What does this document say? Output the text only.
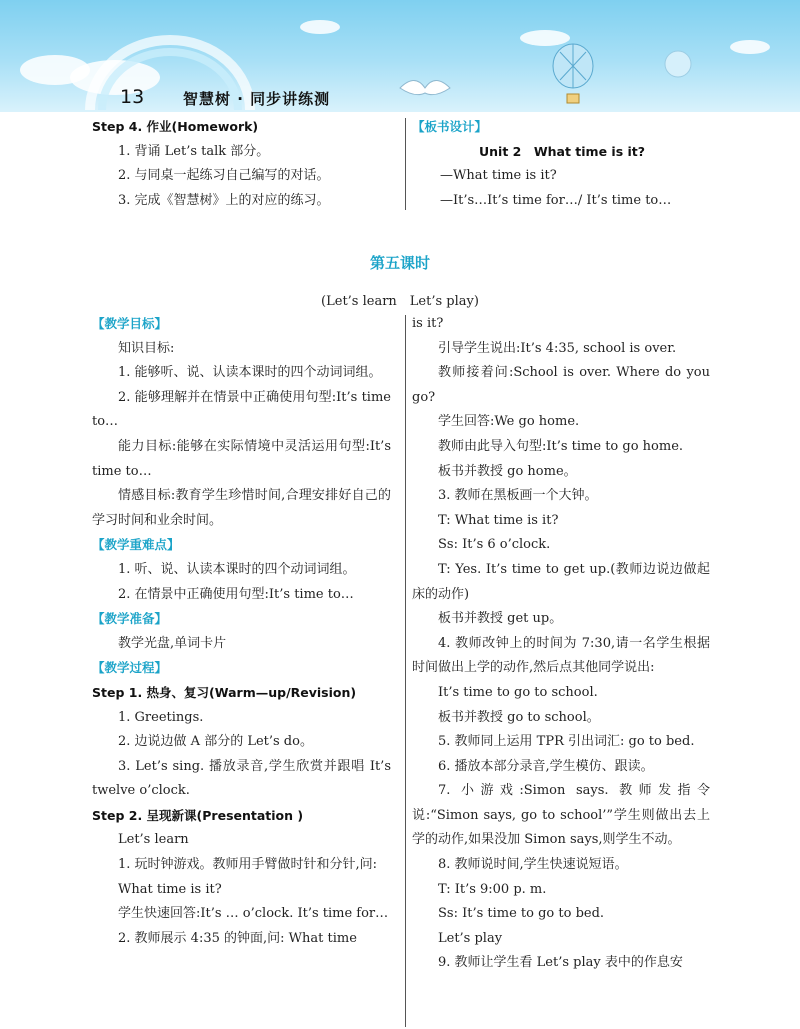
13	智慧树 · 同步讲练测

Step 4. 作业(Homework)

1. 背诵 Let’s talk 部分。

2. 与同桌一起练习自己编写的对话。

3. 完成《智慧树》上的对应的练习。

【板书设计】

Unit 2　What time is it?

—What time is it?

—It’s…It’s time for…/ It’s time to…

第五课时
(Let’s learn　Let’s play)

【教学目标】

知识目标:

1. 能够听、说、认读本课时的四个动词词组。

2. 能够理解并在情景中正确使用句型:It’s time to…

能力目标:能够在实际情境中灵活运用句型:It’s time to…

情感目标:教育学生珍惜时间,合理安排好自己的学习时间和业余时间。

【教学重难点】

1. 听、说、认读本课时的四个动词词组。

2. 在情景中正确使用句型:It’s time to…

【教学准备】

教学光盘,单词卡片

【教学过程】

Step 1. 热身、复习(Warm—up/Revision)

1. Greetings.

2. 边说边做 A 部分的 Let’s do。

3. Let’s sing. 播放录音,学生欣赏并跟唱 It’s twelve o’clock.

Step 2. 呈现新课(Presentation )

Let’s learn

1. 玩时钟游戏。教师用手臂做时针和分针,问:

What time is it?

学生快速回答:It’s … o’clock. It’s time for…

2. 教师展示 4:35 的钟面,问: What time

is it?

引导学生说出:It’s 4:35, school is over.

教师接着问:School is over. Where do you go?

学生回答:We go home.

教师由此导入句型:It’s time to go home.

板书并教授 go home。

3. 教师在黑板画一个大钟。

T: What time is it?

Ss: It’s 6 o’clock.

T: Yes. It’s time to get up.(教师边说边做起床的动作)

板书并教授 get up。

4. 教师改钟上的时间为 7:30,请一名学生根据时间做出上学的动作,然后点其他同学说出:

It’s time to go to school.

板书并教授 go to school。

5. 教师同上运用 TPR 引出词汇: go to bed.

6. 播放本部分录音,学生模仿、跟读。

7. 小游戏:Simon says. 教师发指令说:“Simon says, go to school’”学生则做出去上学的动作,如果没加 Simon says,则学生不动。

8. 教师说时间,学生快速说短语。

T: It’s 9:00 p. m.

Ss: It’s time to go to bed.

Let’s play

9. 教师让学生看 Let’s play 表中的作息安
